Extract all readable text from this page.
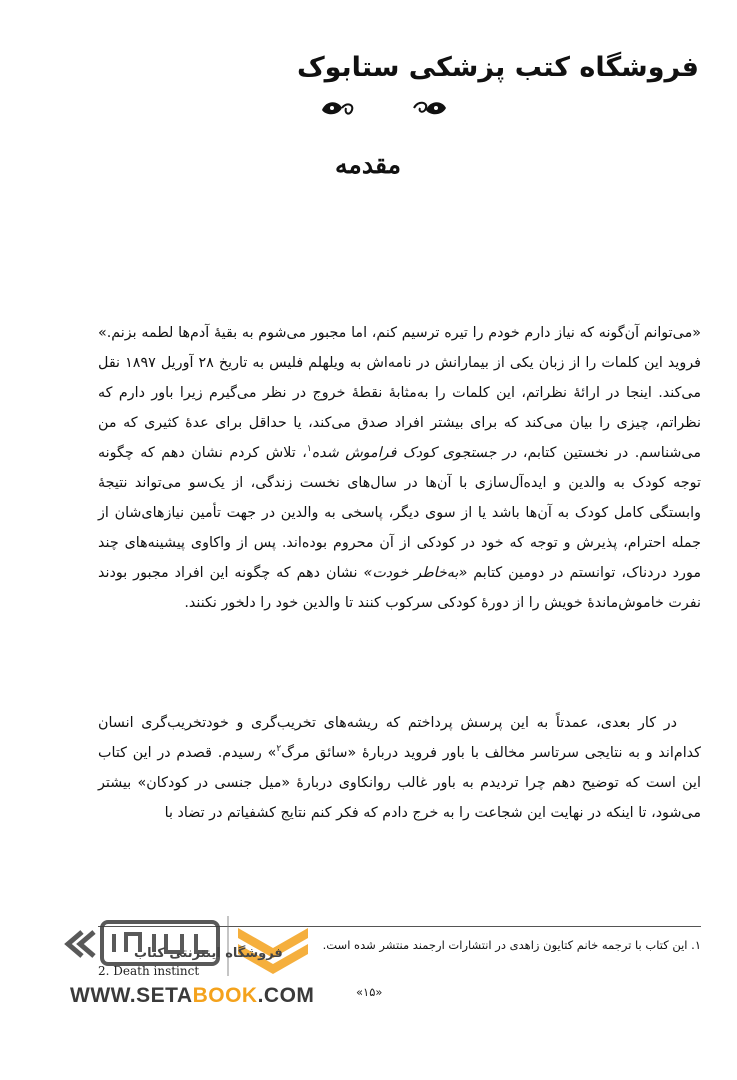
فروشگاه کتب پزشکی ستابوک
مقدمه

«می‌توانم آن‌گونه که نیاز دارم خودم را تیره ترسیم کنم، اما مجبور می‌شوم به بقیهٔ آدم‌ها لطمه بزنم.» فروید این کلمات را از زبان یکی از بیمارانش در نامه‌اش به ویلهلم فلیس به تاریخ ۲۸ آوریل ۱۸۹۷ نقل می‌کند. اینجا در ارائهٔ نظراتم، این کلمات را به‌مثابهٔ نقطهٔ خروج در نظر می‌گیرم زیرا باور دارم که نظراتم، چیزی را بیان می‌کند که برای بیشتر افراد صدق می‌کند، یا حداقل برای عدهٔ کثیری که من می‌شناسم. در نخستین کتابم، در جستجوی کودک فراموش شده$^۱$، تلاش کردم نشان دهم که چگونه توجه کودک به والدین و ایده‌آل‌سازی با آن‌ها در سال‌های نخست زندگی، از یک‌سو می‌تواند نتیجهٔ وابستگی کامل کودک به آن‌ها باشد یا از سوی دیگر، پاسخی به والدین در جهت تأمین نیازهای‌شان از جمله احترام، پذیرش و توجه که خود در کودکی از آن محروم بوده‌اند. پس از واکاوی پیشینه‌های چند مورد دردناک، توانستم در دومین کتابم «به‌خاطر خودت» نشان دهم که چگونه این افراد مجبور بودند نفرت خاموش‌ماندهٔ خویش را از دورهٔ کودکی سرکوب کنند تا والدین خود را دلخور نکنند.

در کار بعدی، عمدتاً به این پرسش پرداختم که ریشه‌های تخریب‌گری و خودتخریب‌گری انسان کدام‌اند و به نتایجی سرتاسر مخالف با باور فروید دربارهٔ «سائق مرگ$^۲$» رسیدم. قصدم در این کتاب این است که توضیح دهم چرا تردیدم به باور غالب روانکاوی دربارهٔ «میل جنسی در کودکان» بیشتر می‌شود، تا اینکه در نهایت این شجاعت را به خرج دادم که فکر کنم نتایج کشفیاتم در تضاد با

۱. این کتاب با ترجمه خانم کتایون زاهدی در انتشارات ارجمند منتشر شده است.
2. Death instinct
فروشگاه اینترنتی کتاب
WWW.SETABOOK.COM	«۱۵»
